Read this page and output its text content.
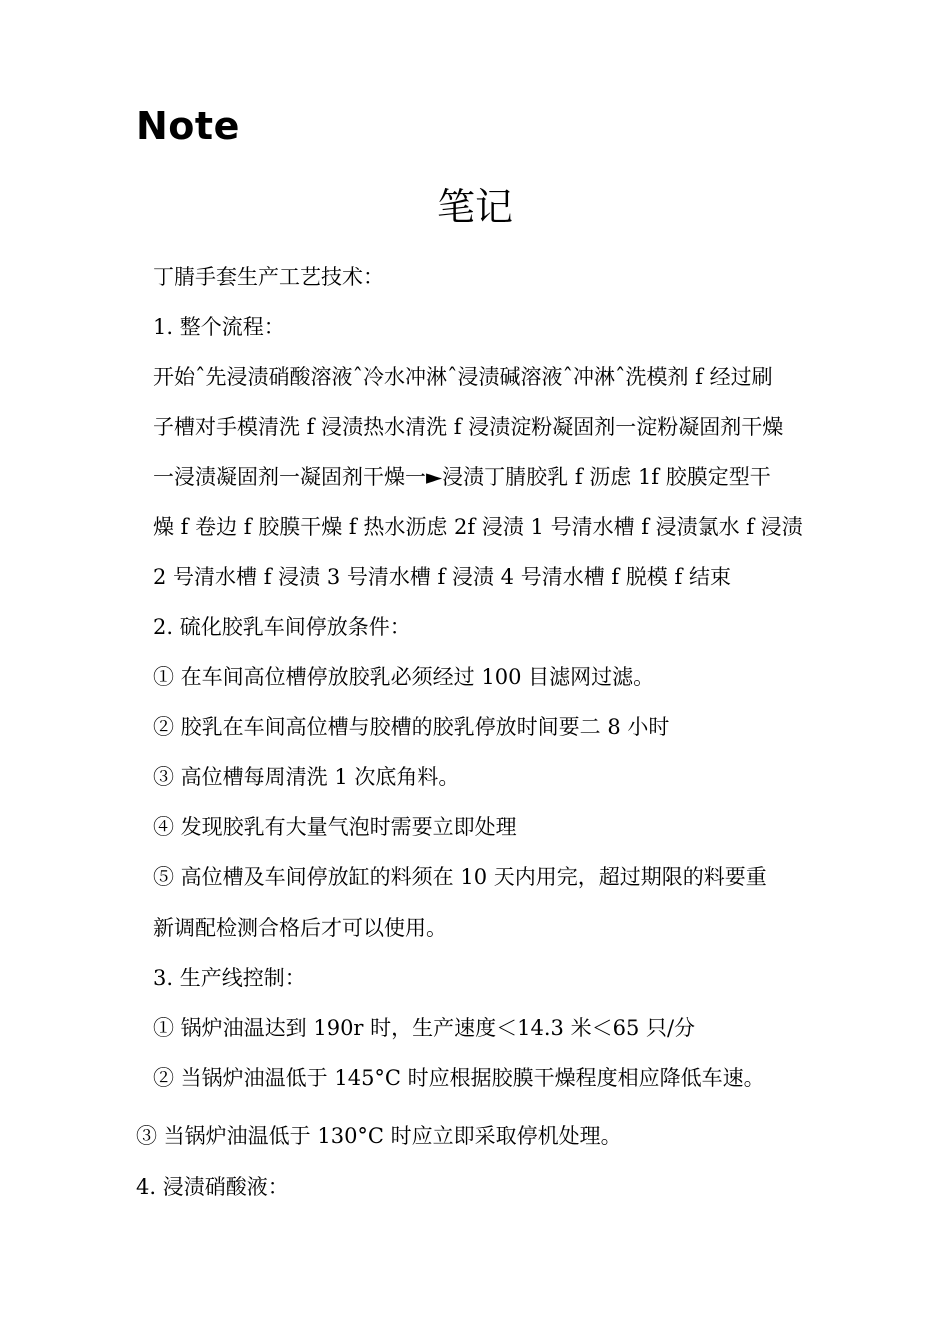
Note
笔记
丁腈手套生产工艺技术：
1. 整个流程：
开始ˆ先浸渍硝酸溶液ˆ冷水冲淋ˆ浸渍碱溶液ˆ冲淋ˆ洗模剂 f 经过刷
子槽对手模清洗 f 浸渍热水清洗 f 浸渍淀粉凝固剂一淀粉凝固剂干燥
一浸渍凝固剂一凝固剂干燥一►浸渍丁腈胶乳 f 沥虑 1f 胶膜定型干
燥 f 卷边 f 胶膜干燥 f 热水沥虑 2f 浸渍 1 号清水槽 f 浸渍氯水 f 浸渍
2 号清水槽 f 浸渍 3 号清水槽 f 浸渍 4 号清水槽 f 脱模 f 结束
2. 硫化胶乳车间停放条件：
① 在车间高位槽停放胶乳必须经过 100 目滤网过滤。
② 胶乳在车间高位槽与胶槽的胶乳停放时间要二 8 小时
③ 高位槽每周清洗 1 次底角料。
④ 发现胶乳有大量气泡时需要立即处理
⑤ 高位槽及车间停放缸的料须在 10 天内用完，超过期限的料要重
新调配检测合格后才可以使用。
3. 生产线控制：
① 锅炉油温达到 190r 时，生产速度＜14.3 米＜65 只/分
② 当锅炉油温低于 145°C 时应根据胶膜干燥程度相应降低车速。
③ 当锅炉油温低于 130°C 时应立即采取停机处理。
4. 浸渍硝酸液：
